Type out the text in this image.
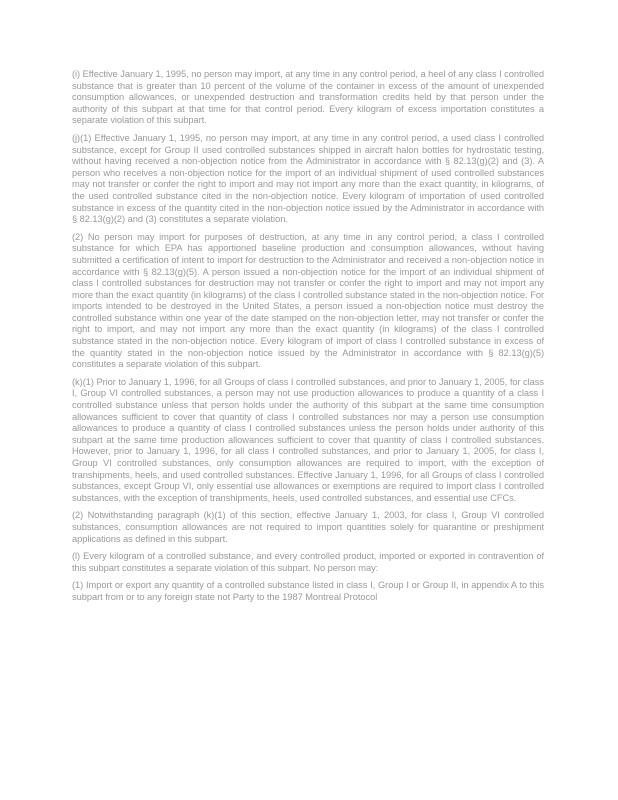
(i) Effective January 1, 1995, no person may import, at any time in any control period, a heel of any class I controlled substance that is greater than 10 percent of the volume of the container in excess of the amount of unexpended consumption allowances, or unexpended destruction and transformation credits held by that person under the authority of this subpart at that time for that control period. Every kilogram of excess importation constitutes a separate violation of this subpart.

(j)(1) Effective January 1, 1995, no person may import, at any time in any control period, a used class I controlled substance, except for Group II used controlled substances shipped in aircraft halon bottles for hydrostatic testing, without having received a non-objection notice from the Administrator in accordance with § 82.13(g)(2) and (3). A person who receives a non-objection notice for the import of an individual shipment of used controlled substances may not transfer or confer the right to import and may not import any more than the exact quantity, in kilograms, of the used controlled substance cited in the non-objection notice. Every kilogram of importation of used controlled substance in excess of the quantity cited in the non-objection notice issued by the Administrator in accordance with § 82.13(g)(2) and (3) constitutes a separate violation.

(2) No person may import for purposes of destruction, at any time in any control period, a class I controlled substance for which EPA has apportioned baseline production and consumption allowances, without having submitted a certification of intent to import for destruction to the Administrator and received a non-objection notice in accordance with § 82.13(g)(5). A person issued a non-objection notice for the import of an individual shipment of class I controlled substances for destruction may not transfer or confer the right to import and may not import any more than the exact quantity (in kilograms) of the class I controlled substance stated in the non-objection notice. For imports intended to be destroyed in the United States, a person issued a non-objection notice must destroy the controlled substance within one year of the date stamped on the non-objection letter, may not transfer or confer the right to import, and may not import any more than the exact quantity (in kilograms) of the class I controlled substance stated in the non-objection notice. Every kilogram of import of class I controlled substance in excess of the quantity stated in the non-objection notice issued by the Administrator in accordance with § 82.13(g)(5) constitutes a separate violation of this subpart.

(k)(1) Prior to January 1, 1996, for all Groups of class I controlled substances, and prior to January 1, 2005, for class I, Group VI controlled substances, a person may not use production allowances to produce a quantity of a class I controlled substance unless that person holds under the authority of this subpart at the same time consumption allowances sufficient to cover that quantity of class I controlled substances nor may a person use consumption allowances to produce a quantity of class I controlled substances unless the person holds under authority of this subpart at the same time production allowances sufficient to cover that quantity of class I controlled substances. However, prior to January 1, 1996, for all class I controlled substances, and prior to January 1, 2005, for class I, Group VI controlled substances, only consumption allowances are required to import, with the exception of transhipments, heels, and used controlled substances. Effective January 1, 1996, for all Groups of class I controlled substances, except Group VI, only essential use allowances or exemptions are required to import class I controlled substances, with the exception of transhipments, heels, used controlled substances, and essential use CFCs.

(2) Notwithstanding paragraph (k)(1) of this section, effective January 1, 2003, for class I, Group VI controlled substances, consumption allowances are not required to import quantities solely for quarantine or preshipment applications as defined in this subpart.

(l) Every kilogram of a controlled substance, and every controlled product, imported or exported in contravention of this subpart constitutes a separate violation of this subpart. No person may:

(1) Import or export any quantity of a controlled substance listed in class I, Group I or Group II, in appendix A to this subpart from or to any foreign state not Party to the 1987 Montreal Protocol
